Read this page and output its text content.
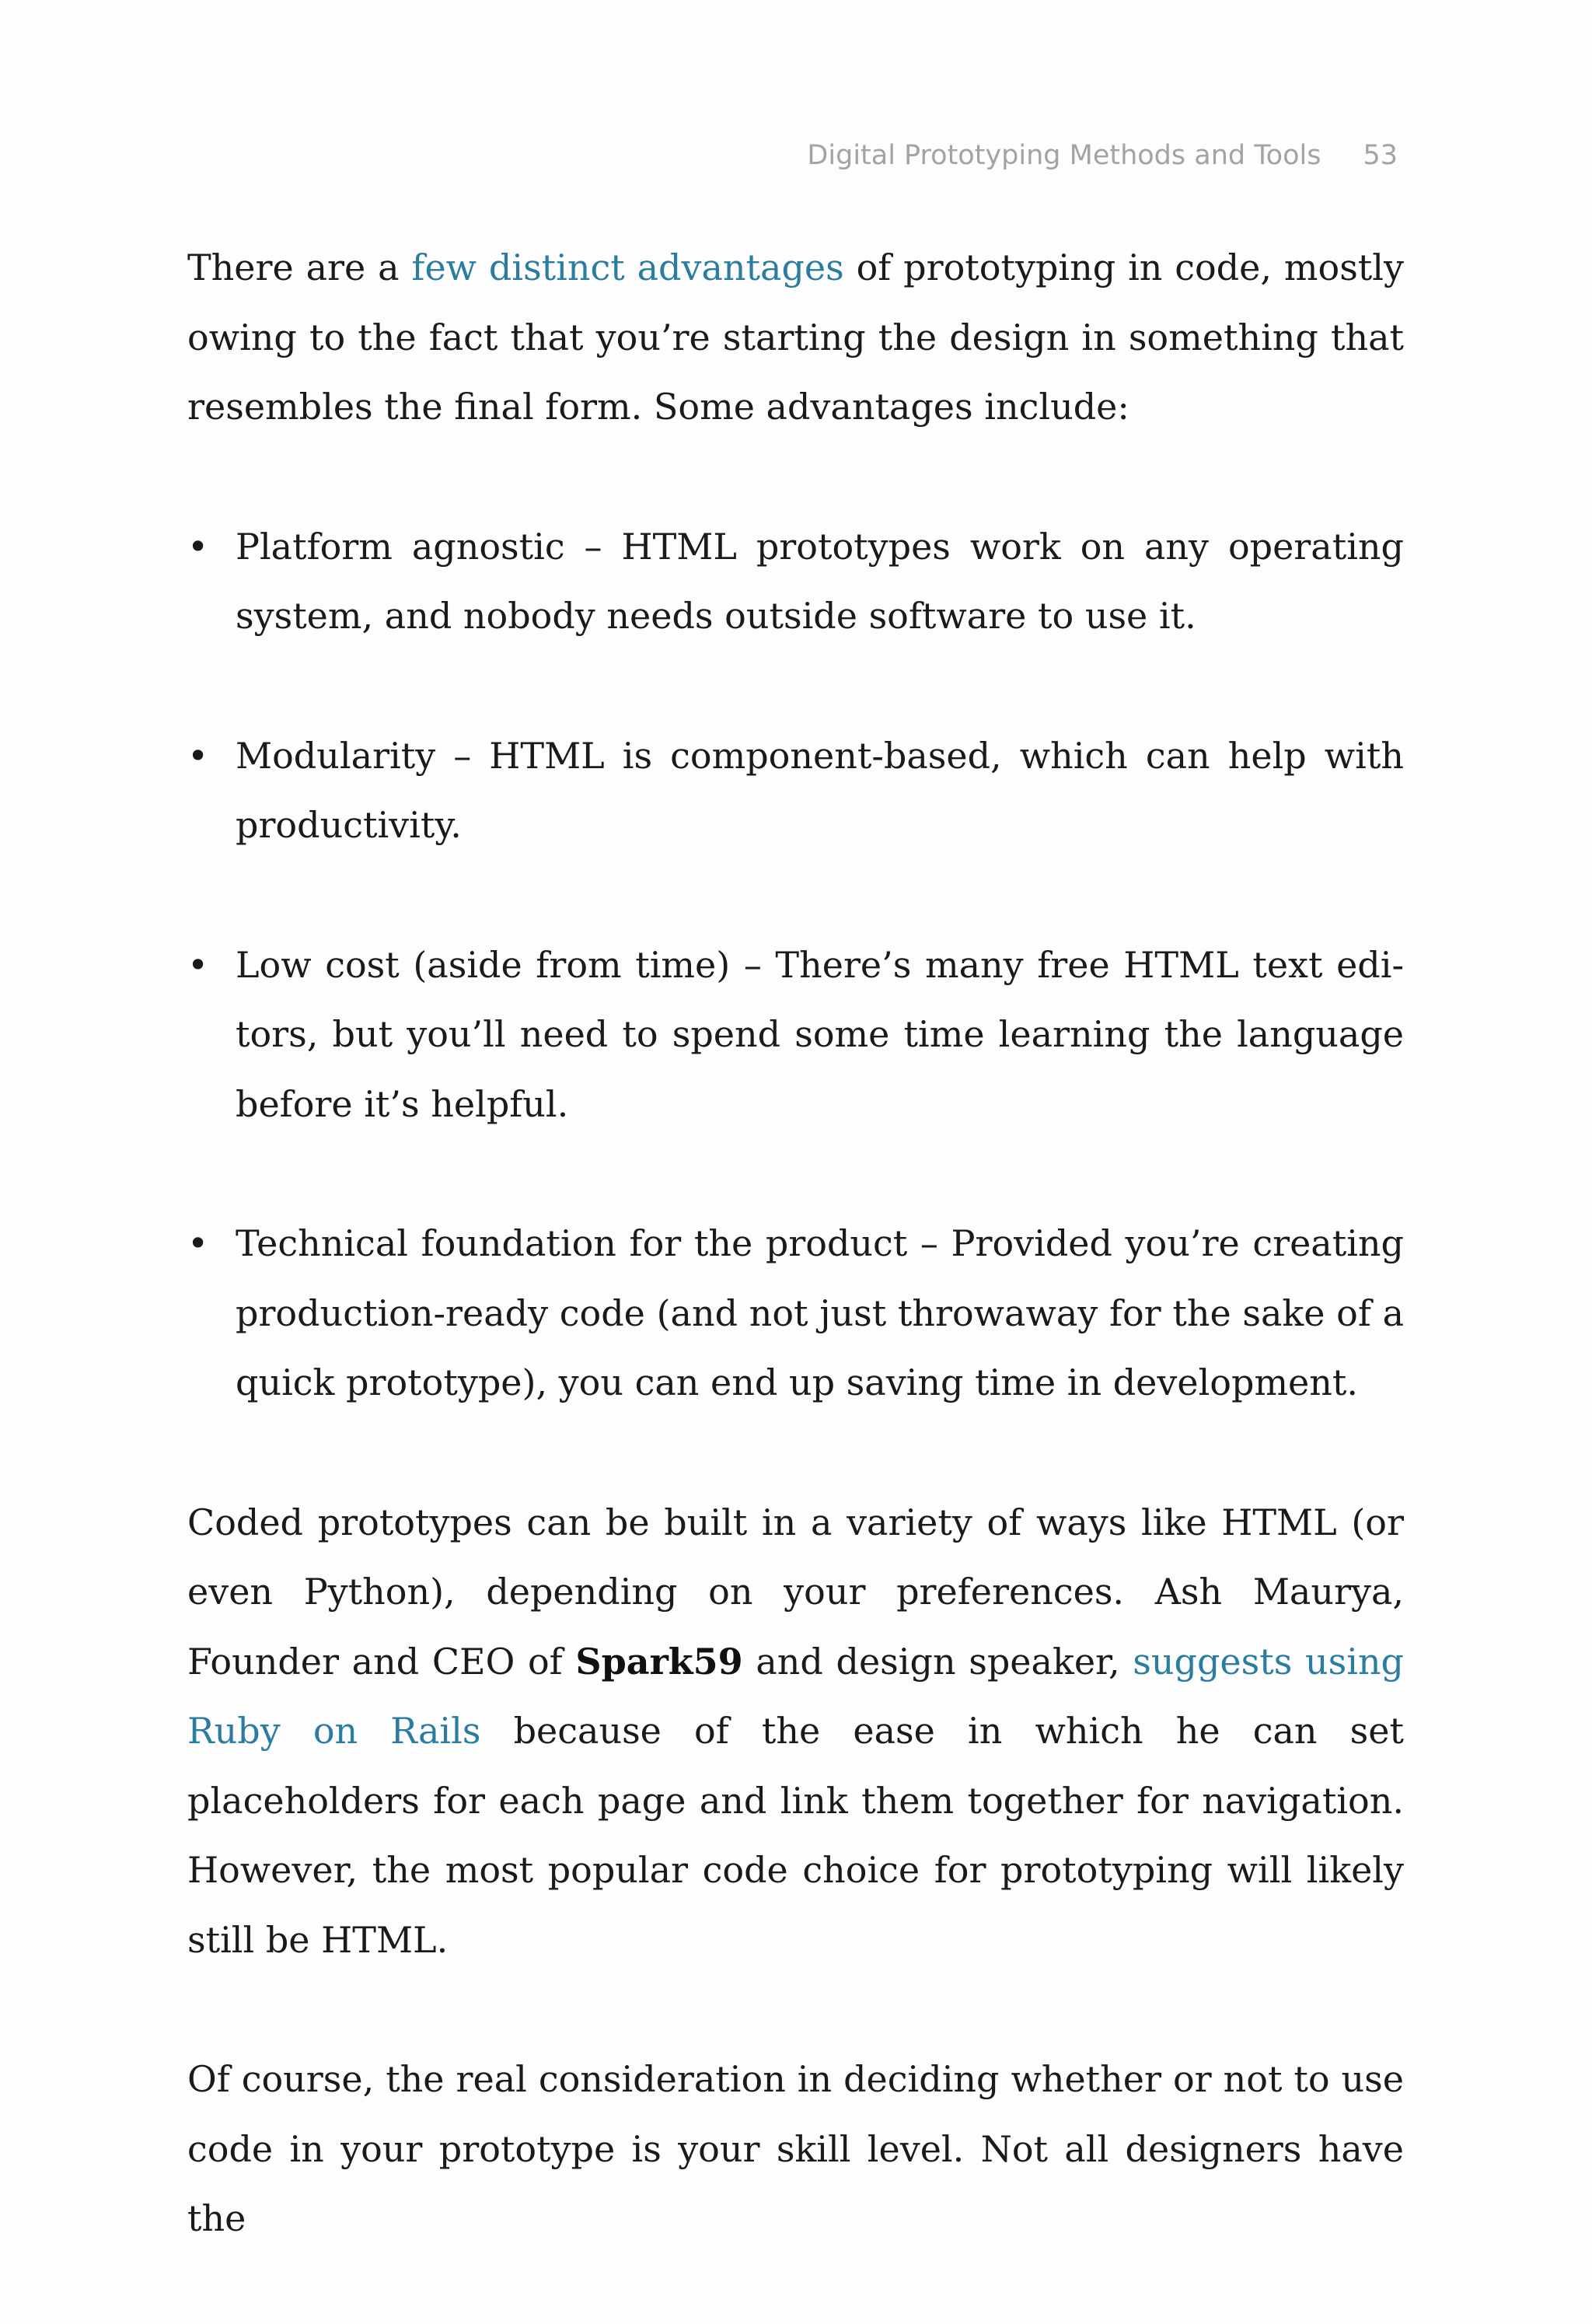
Digital Prototyping Methods and Tools 53

There are a few distinct advantages of prototyping in code, mostly owing to the fact that you’re starting the design in something that resembles the final form. Some advantages include:

• Platform agnostic – HTML prototypes work on any operating system, and nobody needs outside software to use it.
• Modularity – HTML is component-based, which can help with productivity.
• Low cost (aside from time) – There’s many free HTML text editors, but you’ll need to spend some time learning the language before it’s helpful.
• Technical foundation for the product – Provided you’re creating production-ready code (and not just throwaway for the sake of a quick prototype), you can end up saving time in development.

Coded prototypes can be built in a variety of ways like HTML (or even Python), depending on your preferences. Ash Maurya, Founder and CEO of Spark59 and design speaker, suggests using Ruby on Rails because of the ease in which he can set placeholders for each page and link them together for navigation. However, the most popular code choice for prototyping will likely still be HTML.

Of course, the real consideration in deciding whether or not to use code in your prototype is your skill level. Not all designers have the
